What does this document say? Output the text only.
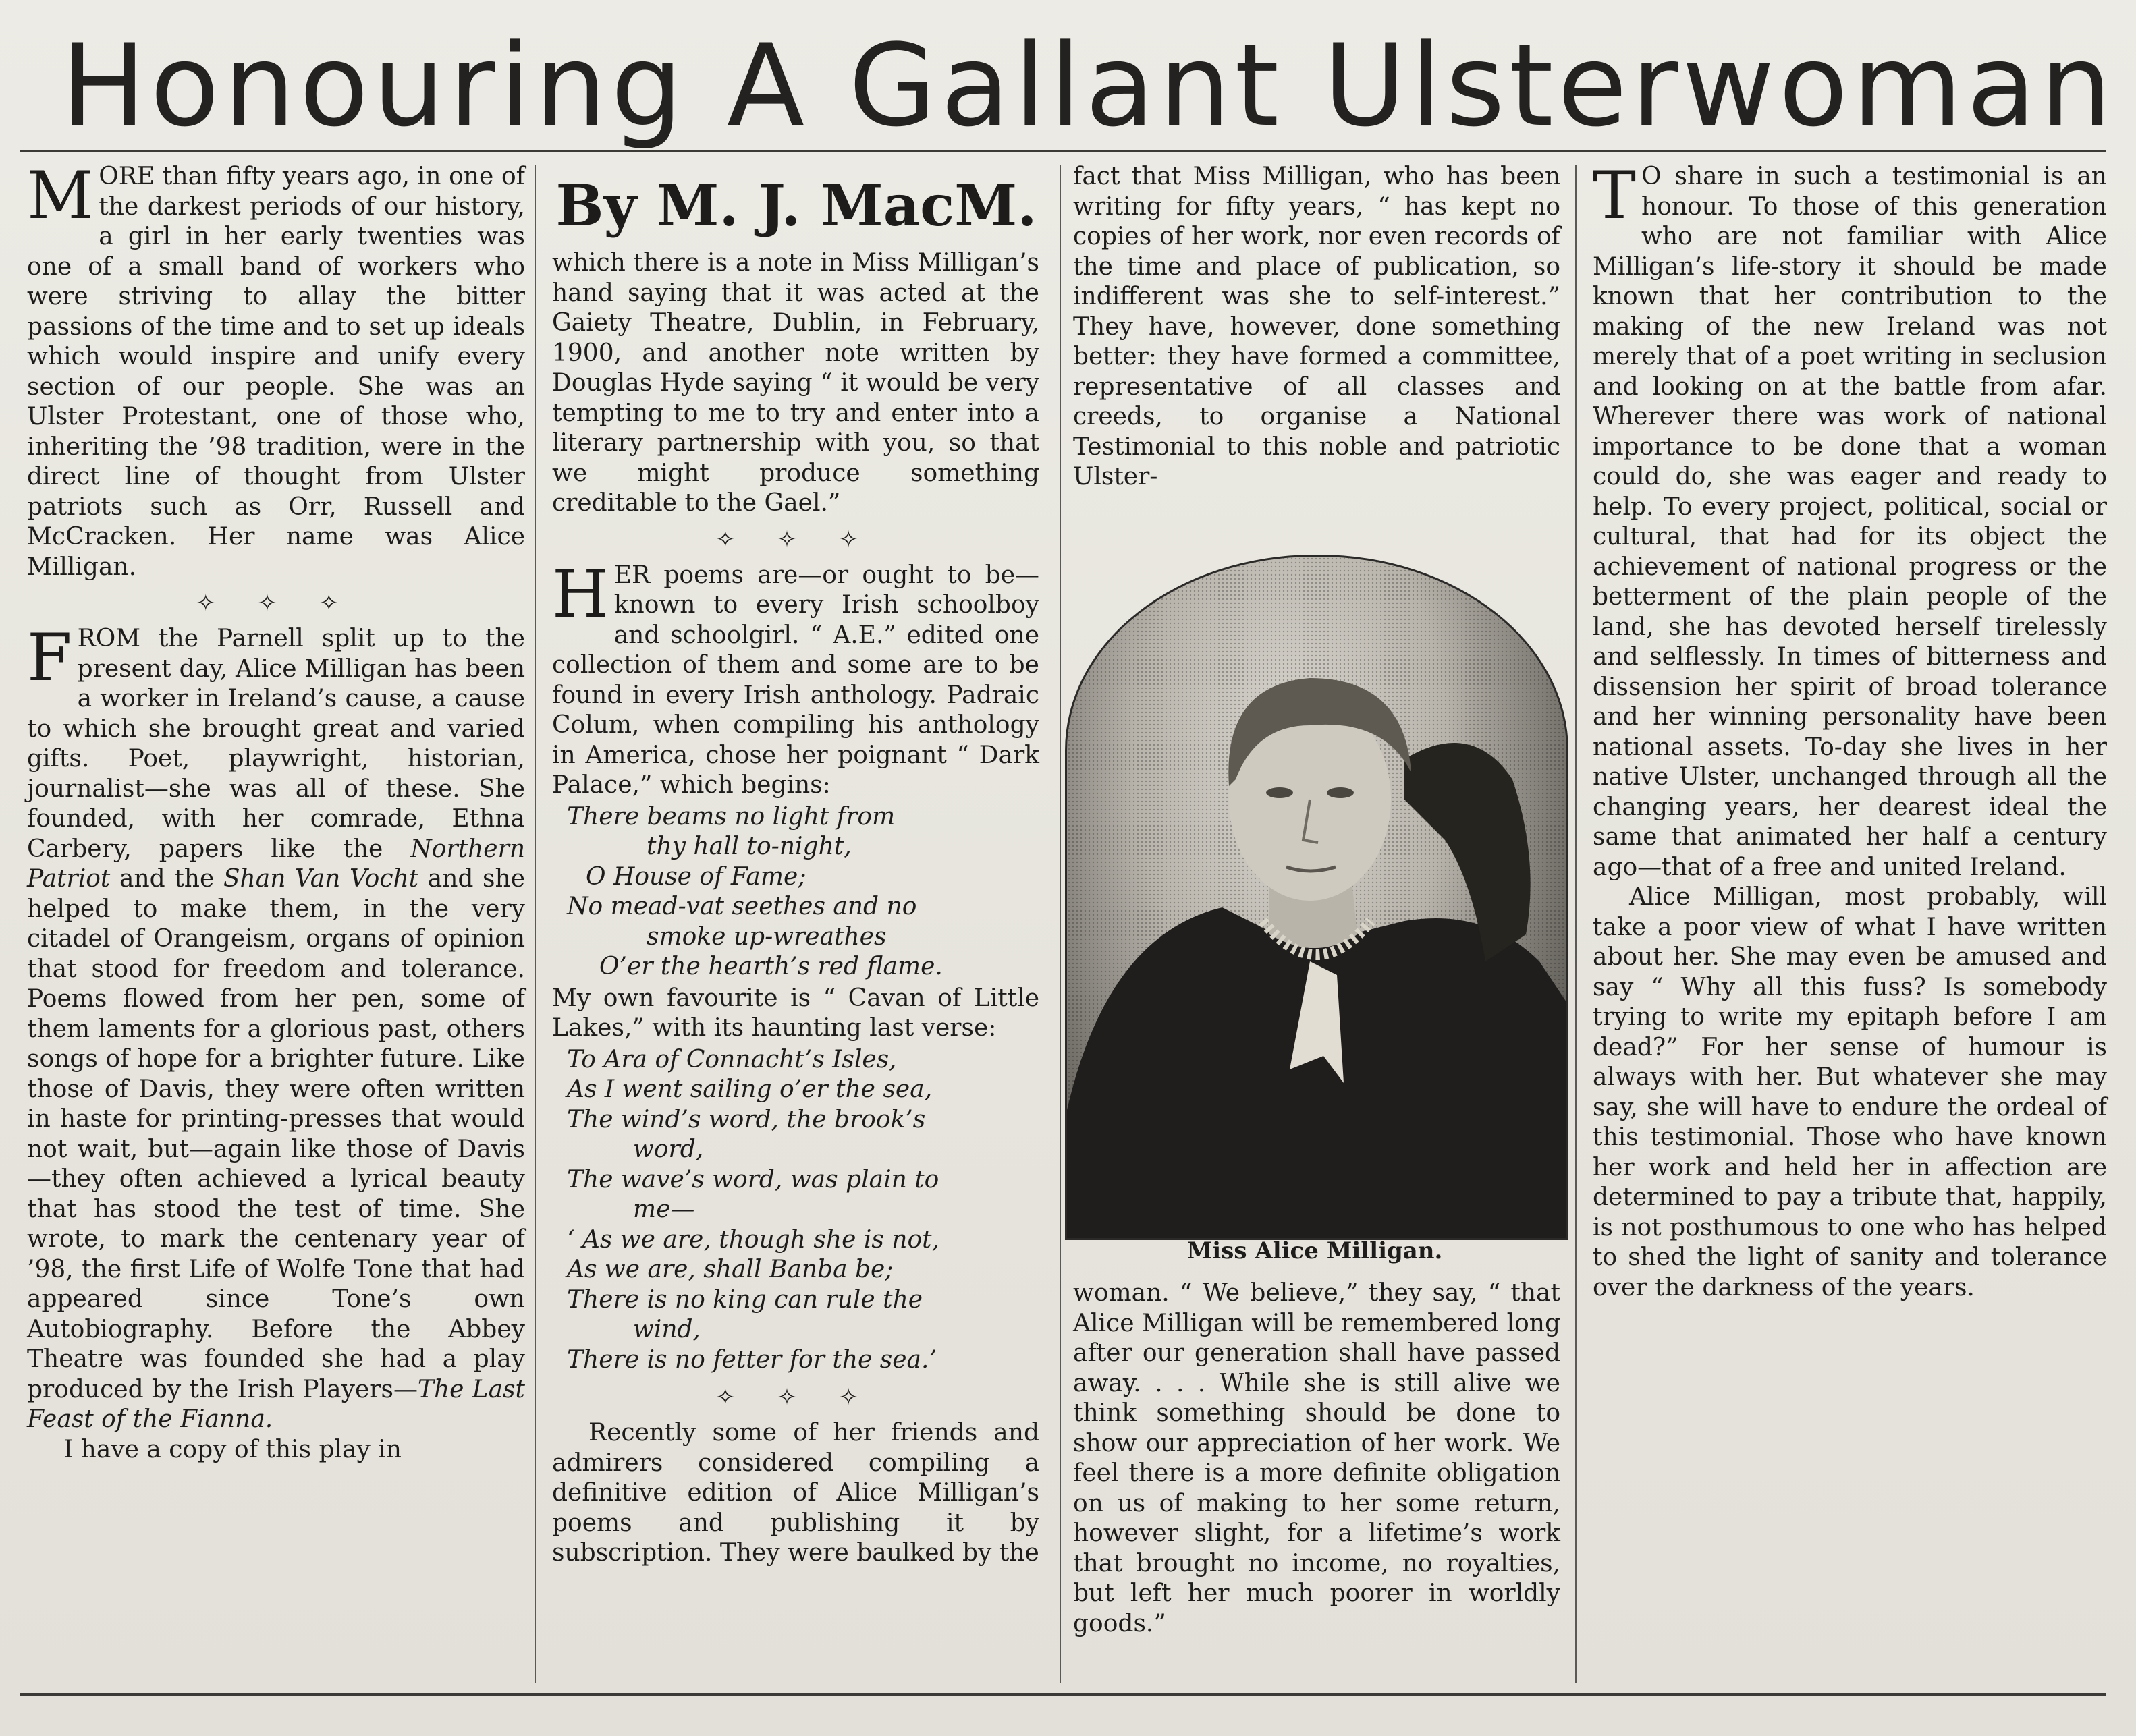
Honouring A Gallant Ulsterwoman

MORE than fifty years ago, in one of the darkest periods of our history, a girl in her early twenties was one of a small band of workers who were striving to allay the bitter passions of the time and to set up ideals which would inspire and unify every section of our people. She was an Ulster Protestant, one of those who, inheriting the ’98 tradition, were in the direct line of thought from Ulster patriots such as Orr, Russell and McCracken. Her name was Alice Milligan.

✧ ✧ ✧

FROM the Parnell split up to the present day, Alice Milligan has been a worker in Ireland’s cause, a cause to which she brought great and varied gifts. Poet, playwright, historian, journalist—she was all of these. She founded, with her comrade, Ethna Carbery, papers like the Northern Patriot and the Shan Van Vocht and she helped to make them, in the very citadel of Orangeism, organs of opinion that stood for freedom and tolerance. Poems flowed from her pen, some of them laments for a glorious past, others songs of hope for a brighter future. Like those of Davis, they were often written in haste for printing-presses that would not wait, but—again like those of Davis—they often achieved a lyrical beauty that has stood the test of time. She wrote, to mark the centenary year of ’98, the first Life of Wolfe Tone that had appeared since Tone’s own Autobiography. Before the Abbey Theatre was founded she had a play produced by the Irish Players—The Last Feast of the Fianna.

I have a copy of this play in

By M. J. MacM.

which there is a note in Miss Milligan’s hand saying that it was acted at the Gaiety Theatre, Dublin, in February, 1900, and another note written by Douglas Hyde saying “ it would be very tempting to me to try and enter into a literary partnership with you, so that we might produce something creditable to the Gael.”

✧ ✧ ✧

HER poems are—or ought to be—known to every Irish schoolboy and schoolgirl. “ A.E.” edited one collection of them and some are to be found in every Irish anthology. Padraic Colum, when compiling his anthology in America, chose her poignant “ Dark Palace,” which begins:

There beams no light from
thy hall to-night,
O House of Fame;
No mead-vat seethes and no
smoke up-wreathes
O’er the hearth’s red flame.

My own favourite is “ Cavan of Little Lakes,” with its haunting last verse:

To Ara of Connacht’s Isles,
As I went sailing o’er the sea,
The wind’s word, the brook’s
word,
The wave’s word, was plain to
me—
‘ As we are, though she is not,
As we are, shall Banba be;
There is no king can rule the
wind,
There is no fetter for the sea.’
✧ ✧ ✧

Recently some of her friends and admirers considered compiling a definitive edition of Alice Milligan’s poems and publishing it by subscription. They were baulked by the

fact that Miss Milligan, who has been writing for fifty years, “ has kept no copies of her work, nor even records of the time and place of publication, so indifferent was she to self-interest.” They have, however, done something better: they have formed a committee, representative of all classes and creeds, to organise a National Testimonial to this noble and patriotic Ulster-

Miss Alice Milligan.

woman. “ We believe,” they say, “ that Alice Milligan will be remembered long after our generation shall have passed away. . . . While she is still alive we think something should be done to show our appreciation of her work. We feel there is a more definite obligation on us of making to her some return, however slight, for a lifetime’s work that brought no income, no royalties, but left her much poorer in worldly goods.”

T O share in such a testimonial is an honour. To those of this generation who are not familiar with Alice Milligan’s life-story it should be made known that her contribution to the making of the new Ireland was not merely that of a poet writing in seclusion and looking on at the battle from afar. Wherever there was work of national importance to be done that a woman could do, she was eager and ready to help. To every project, political, social or cultural, that had for its object the achievement of national progress or the betterment of the plain people of the land, she has devoted herself tirelessly and selflessly. In times of bitterness and dissension her spirit of broad tolerance and her winning personality have been national assets. To-day she lives in her native Ulster, unchanged through all the changing years, her dearest ideal the same that animated her half a century ago—that of a free and united Ireland.

Alice Milligan, most probably, will take a poor view of what I have written about her. She may even be amused and say “ Why all this fuss? Is somebody trying to write my epitaph before I am dead?” For her sense of humour is always with her. But whatever she may say, she will have to endure the ordeal of this testimonial. Those who have known her work and held her in affection are determined to pay a tribute that, happily, is not posthumous to one who has helped to shed the light of sanity and tolerance over the darkness of the years.
